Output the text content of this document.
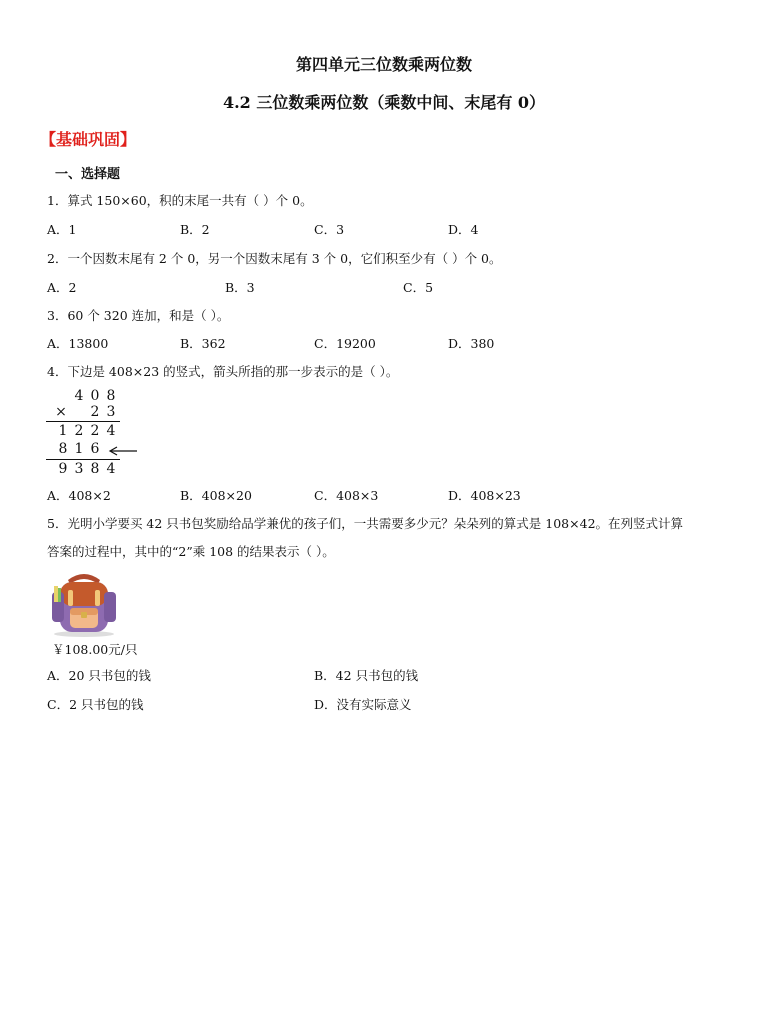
第四单元三位数乘两位数
4.2 三位数乘两位数（乘数中间、末尾有 0）
【基础巩固】
一、选择题
1．算式 150×60，积的末尾一共有（ ）个 0。
A．1	B．2	C．3	D．4
2．一个因数末尾有 2 个 0，另一个因数末尾有 3 个 0，它们积至少有（ ）个 0。
A．2	B．3	C．5
3．60 个 320 连加，和是（ ）。
A．13800	B．362	C．19200	D．380
4．下边是 408×23 的竖式，箭头所指的那一步表示的是（ ）。
4 0 8
× 2 3
1 2 2 4
8 1 6
9 3 8 4
A．408×2	B．408×20	C．408×3	D．408×23
5．光明小学要买 42 只书包奖励给品学兼优的孩子们，一共需要多少元？朵朵列的算式是 108×42。在列竖式计算
答案的过程中，其中的“2”乘 108 的结果表示（ ）。
￥108.00元/只
A．20 只书包的钱	B．42 只书包的钱
C．2 只书包的钱	D．没有实际意义
